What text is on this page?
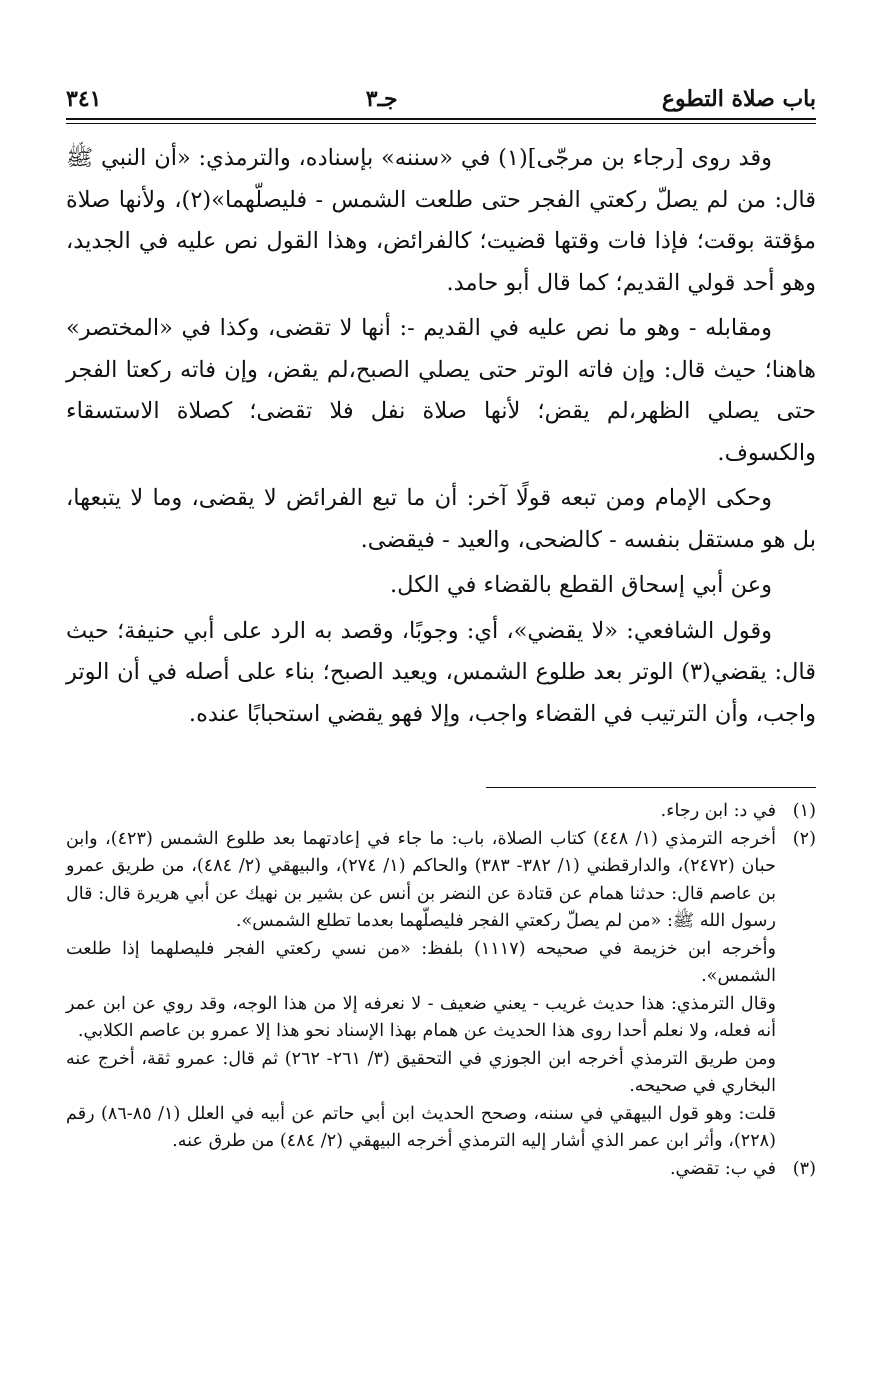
باب صلاة التطوع
جـ٣
٣٤١

وقد روى [رجاء بن مرجّى](١) في «سننه» بإسناده، والترمذي: «أن النبي ﷺ قال: من لم يصلّ ركعتي الفجر حتى طلعت الشمس - فليصلّهما»(٢)، ولأنها صلاة مؤقتة بوقت؛ فإذا فات وقتها قضيت؛ كالفرائض، وهذا القول نص عليه في الجديد، وهو أحد قولي القديم؛ كما قال أبو حامد.

ومقابله - وهو ما نص عليه في القديم -: أنها لا تقضى، وكذا في «المختصر» هاهنا؛ حيث قال: وإن فاته الوتر حتى يصلي الصبح،لم يقض، وإن فاته ركعتا الفجر حتى يصلي الظهر،لم يقض؛ لأنها صلاة نفل فلا تقضى؛ كصلاة الاستسقاء والكسوف.

وحكى الإمام ومن تبعه قولًا آخر: أن ما تبع الفرائض لا يقضى، وما لا يتبعها، بل هو مستقل بنفسه - كالضحى، والعيد - فيقضى.

وعن أبي إسحاق القطع بالقضاء في الكل.

وقول الشافعي: «لا يقضي»، أي: وجوبًا، وقصد به الرد على أبي حنيفة؛ حيث قال: يقضي(٣) الوتر بعد طلوع الشمس، ويعيد الصبح؛ بناء على أصله في أن الوتر واجب، وأن الترتيب في القضاء واجب، وإلا فهو يقضي استحبابًا عنده.

(١)
في د: ابن رجاء.
(٢)
أخرجه الترمذي (١/ ٤٤٨) كتاب الصلاة، باب: ما جاء في إعادتهما بعد طلوع الشمس (٤٢٣)، وابن حبان (٢٤٧٢)، والدارقطني (١/ ٣٨٢- ٣٨٣) والحاكم (١/ ٢٧٤)، والبيهقي (٢/ ٤٨٤)، من طريق عمرو بن عاصم قال: حدثنا همام عن قتادة عن النضر بن أنس عن بشير بن نهيك عن أبي هريرة قال: قال رسول الله ﷺ: «من لم يصلّ ركعتي الفجر فليصلّهما بعدما تطلع الشمس».
وأخرجه ابن خزيمة في صحيحه (١١١٧) بلفظ: «من نسي ركعتي الفجر فليصلهما إذا طلعت الشمس».
وقال الترمذي: هذا حديث غريب - يعني ضعيف - لا نعرفه إلا من هذا الوجه، وقد روي عن ابن عمر أنه فعله، ولا نعلم أحدا روى هذا الحديث عن همام بهذا الإسناد نحو هذا إلا عمرو بن عاصم الكلابي.
ومن طريق الترمذي أخرجه ابن الجوزي في التحقيق (٣/ ٢٦١- ٢٦٢) ثم قال: عمرو ثقة، أخرج عنه البخاري في صحيحه.
قلت: وهو قول البيهقي في سننه، وصحح الحديث ابن أبي حاتم عن أبيه في العلل (١/ ٨٥-٨٦) رقم (٢٢٨)، وأثر ابن عمر الذي أشار إليه الترمذي أخرجه البيهقي (٢/ ٤٨٤) من طرق عنه.
(٣)
في ب: تقضي.
